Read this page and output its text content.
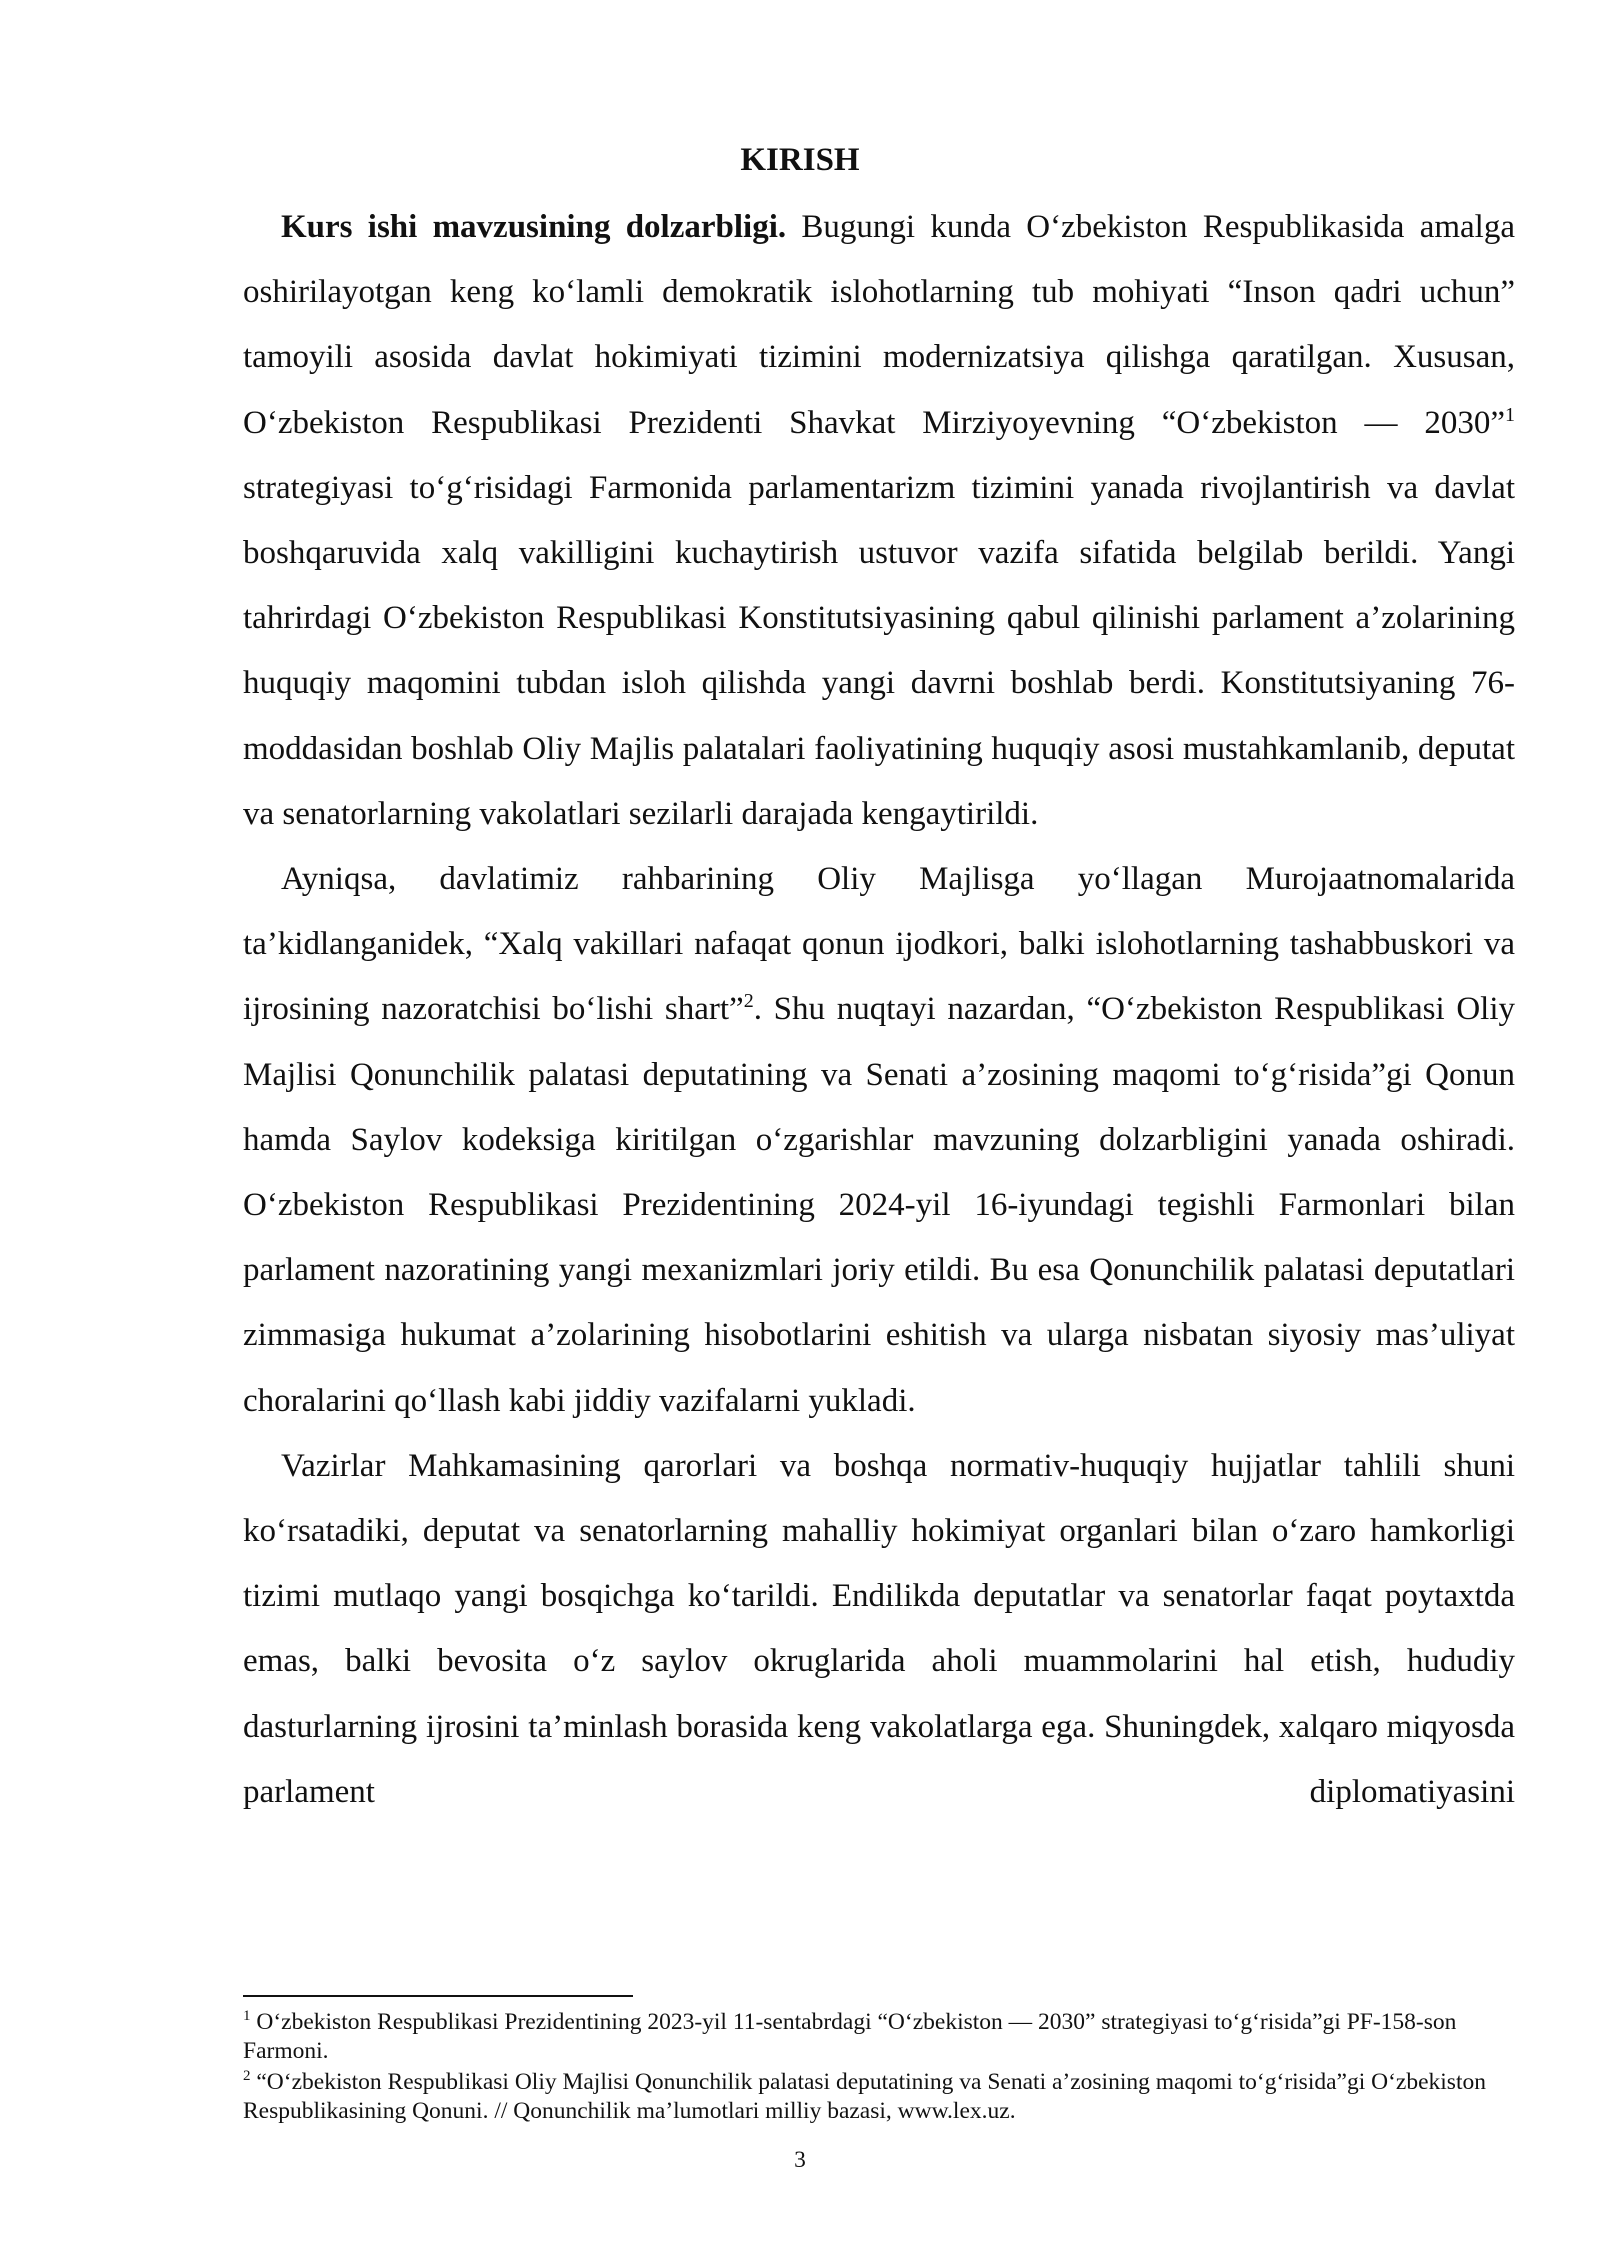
KIRISH

Kurs ishi mavzusining dolzarbligi. Bugungi kunda O‘zbekiston Respublikasida amalga oshirilayotgan keng ko‘lamli demokratik islohotlarning tub mohiyati “Inson qadri uchun” tamoyili asosida davlat hokimiyati tizimini modernizatsiya qilishga qaratilgan. Xususan, O‘zbekiston Respublikasi Prezidenti Shavkat Mirziyoyevning “O‘zbekiston — 2030”$^1$ strategiyasi to‘g‘risidagi Farmonida parlamentarizm tizimini yanada rivojlantirish va davlat boshqaruvida xalq vakilligini kuchaytirish ustuvor vazifa sifatida belgilab berildi. Yangi tahrirdagi O‘zbekiston Respublikasi Konstitutsiyasining qabul qilinishi parlament a’zolarining huquqiy maqomini tubdan isloh qilishda yangi davrni boshlab berdi. Konstitutsiyaning 76-moddasidan boshlab Oliy Majlis palatalari faoliyatining huquqiy asosi mustahkamlanib, deputat va senatorlarning vakolatlari sezilarli darajada kengaytirildi.

Ayniqsa, davlatimiz rahbarining Oliy Majlisga yo‘llagan Murojaatnomalarida ta’kidlanganidek, “Xalq vakillari nafaqat qonun ijodkori, balki islohotlarning tashabbuskori va ijrosining nazoratchisi bo‘lishi shart”$^2$. Shu nuqtayi nazardan, “O‘zbekiston Respublikasi Oliy Majlisi Qonunchilik palatasi deputatining va Senati a’zosining maqomi to‘g‘risida”gi Qonun hamda Saylov kodeksiga kiritilgan o‘zgarishlar mavzuning dolzarbligini yanada oshiradi. O‘zbekiston Respublikasi Prezidentining 2024-yil 16-iyundagi tegishli Farmonlari bilan parlament nazoratining yangi mexanizmlari joriy etildi. Bu esa Qonunchilik palatasi deputatlari zimmasiga hukumat a’zolarining hisobotlarini eshitish va ularga nisbatan siyosiy mas’uliyat choralarini qo‘llash kabi jiddiy vazifalarni yukladi.

Vazirlar Mahkamasining qarorlari va boshqa normativ-huquqiy hujjatlar tahlili shuni ko‘rsatadiki, deputat va senatorlarning mahalliy hokimiyat organlari bilan o‘zaro hamkorligi tizimi mutlaqo yangi bosqichga ko‘tarildi. Endilikda deputatlar va senatorlar faqat poytaxtda emas, balki bevosita o‘z saylov okruglarida aholi muammolarini hal etish, hududiy dasturlarning ijrosini ta’minlash borasida keng vakolatlarga ega. Shuningdek, xalqaro miqyosda parlament diplomatiyasini

$^1$ O‘zbekiston Respublikasi Prezidentining 2023-yil 11-sentabrdagi “O‘zbekiston — 2030” strategiyasi to‘g‘risida”gi PF-158-son Farmoni.

$^2$ “O‘zbekiston Respublikasi Oliy Majlisi Qonunchilik palatasi deputatining va Senati a’zosining maqomi to‘g‘risida”gi O‘zbekiston Respublikasining Qonuni. // Qonunchilik ma’lumotlari milliy bazasi, www.lex.uz.

3
